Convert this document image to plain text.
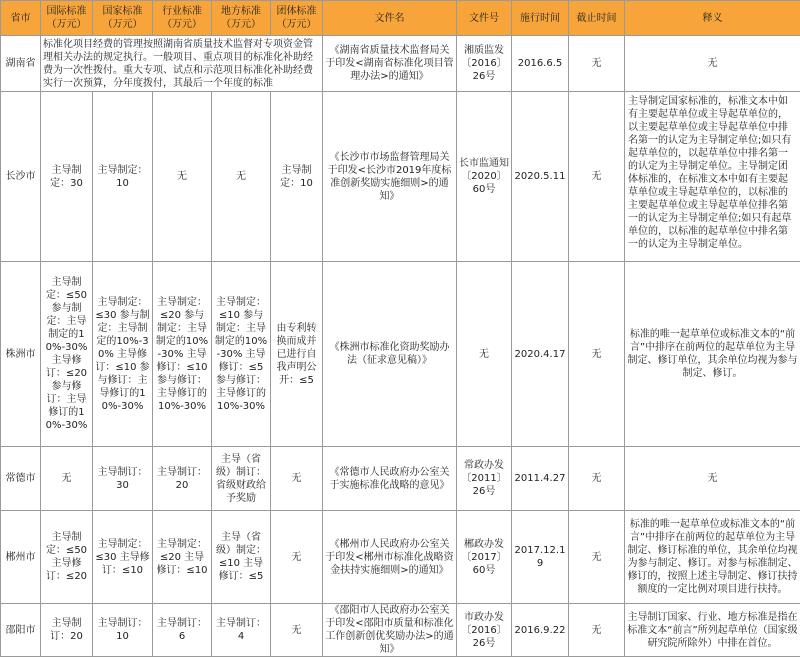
省市	国际标准（万元）	国家标准（万元）	行业标准（万元）	地方标准（万元）	团体标准（万元）	文件名	文件号	施行时间	截止时间	释义
湖南省	标准化项目经费的管理按照湖南省质量技术监督对专项资金管理相关办法的规定执行。一般项目、重点项目的标准化补助经费为一次性拨付。重大专项、试点和示范项目标准化补助经费实行一次预算，分年度拨付，其最后一个年度的标准					《湖南省质量技术监督局关于印发<湖南省标准化项目管理办法>的通知》	湘质监发〔2016〕26号	2016.6.5	无	无
长沙市	主导制定：30	主导制定：10	无	无	主导制定：10	《长沙市市场监督管理局关于印发<长沙市2019年度标准创新奖励实施细则>的通知》	长市监通知〔2020〕60号	2020.5.11	无	主导制定国家标准的，标准文本中如有主要起草单位或主导起草单位的，以主要起草单位或主导起草单位中排名第一的认定为主导制定单位;如只有起草单位的，以起草单位中排名第一的认定为主导制定单位。主导制定团体标准的，在标准文本中如有主要起草单位或主导起草单位的，以标准的主要起草单位或主导起草单位排名第一的认定为主导制定单位;如只有起草单位的，以标准的起草单位中排名第一的认定为主导制定单位。
株洲市	主导制定：≤50 参与制定：主导制定的10%-30% 主导修订：≤20 参与修订：主导修订的10%-30%	主导制定：≤30 参与制定：主导制定的10%-30% 主导修订：≤10 参与修订：主导修订的10%-30%	主导制定：≤20 参与制定：主导制定的10%-30% 主导修订：≤10 参与修订：主导修订的10%-30%	主导制定：≤10 参与制定：主导制定的10%-30% 主导修订：≤5 参与修订：主导修订的10%-30%	由专利转换而成并已进行自我声明公开：≤5	《株洲市标准化资助奖励办法（征求意见稿）》	无	2020.4.17	无	标准的唯一起草单位或标准文本的“前言”中排序在前两位的起草单位为主导制定、修订单位，其余单位均视为参与制定、修订。
常德市	无	主导制订：30	主导制订：20	主导（省级）制订：省级财政给予奖励	无	《常德市人民政府办公室关于实施标准化战略的意见》	常政办发〔2011〕26号	2011.4.27	无	无
郴州市	主导制定：≤50 主导修订：≤20	主导制定：≤30 主导修订：≤10	主导制定：≤20 主导修订：≤10	主导（省级）制定：≤10 主导修订：≤5	无	《郴州市人民政府办公室关于印发<郴州市标准化战略资金扶持实施细则>的通知》	郴政办发〔2017〕60号	2017.12.19	无	标准的唯一起草单位或标准文本的“前言”中排序在前两位的起草单位为主导制定、修订标准的单位，其余单位均视为参与制定、修订。对参与标准制定、修订的，按照上述主导制定、修订扶持额度的一定比例对项目进行扶持。
邵阳市	主导制订：20	主导制订：10	主导制订：6	主导制订：4	无	《邵阳市人民政府办公室关于印发<邵阳市质量和标准化工作创新创优奖励办法>的通知》	市政办发〔2016〕26号	2016.9.22	无	主导制订国家、行业、地方标准是指在标准文本“前言”所列起草单位（国家级研究院所除外）中排在首位。
